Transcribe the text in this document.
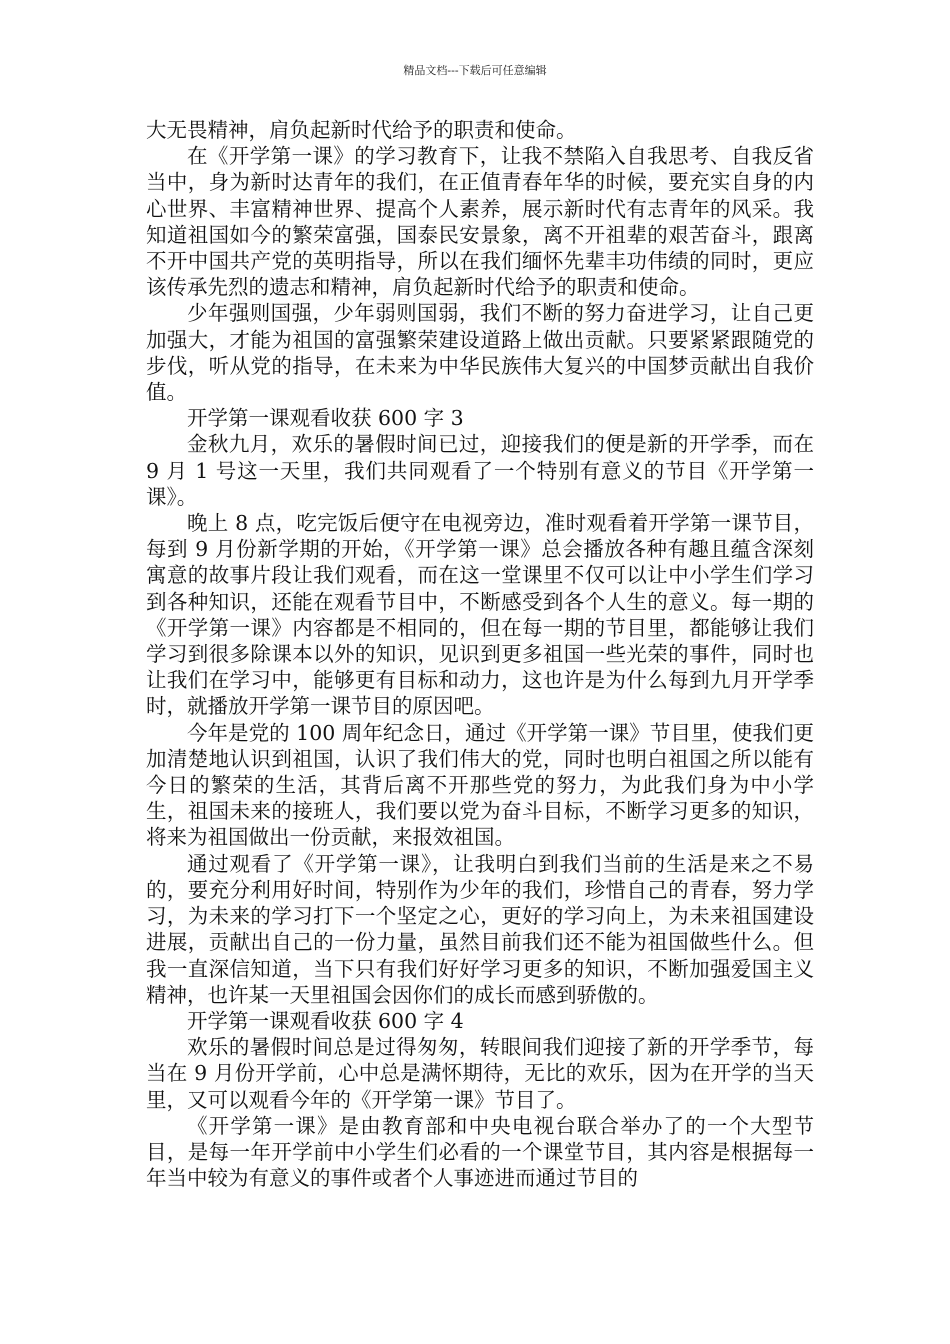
精品文档---下载后可任意编辑

大无畏精神，肩负起新时代给予的职责和使命。

在《开学第一课》的学习教育下，让我不禁陷入自我思考、自我反省当中，身为新时达青年的我们，在正值青春年华的时候，要充实自身的内心世界、丰富精神世界、提高个人素养，展示新时代有志青年的风采。我知道祖国如今的繁荣富强，国泰民安景象，离不开祖辈的艰苦奋斗，跟离不开中国共产党的英明指导，所以在我们缅怀先辈丰功伟绩的同时，更应该传承先烈的遗志和精神，肩负起新时代给予的职责和使命。

少年强则国强，少年弱则国弱，我们不断的努力奋进学习，让自己更加强大，才能为祖国的富强繁荣建设道路上做出贡献。只要紧紧跟随党的步伐，听从党的指导，在未来为中华民族伟大复兴的中国梦贡献出自我价值。

开学第一课观看收获 600 字 3

金秋九月，欢乐的暑假时间已过，迎接我们的便是新的开学季，而在 9 月 1 号这一天里，我们共同观看了一个特别有意义的节目《开学第一课》。

晚上 8 点，吃完饭后便守在电视旁边，准时观看着开学第一课节目，每到 9 月份新学期的开始，《开学第一课》总会播放各种有趣且蕴含深刻寓意的故事片段让我们观看，而在这一堂课里不仅可以让中小学生们学习到各种知识，还能在观看节目中，不断感受到各个人生的意义。每一期的《开学第一课》内容都是不相同的，但在每一期的节目里，都能够让我们学习到很多除课本以外的知识，见识到更多祖国一些光荣的事件，同时也让我们在学习中，能够更有目标和动力，这也许是为什么每到九月开学季时，就播放开学第一课节目的原因吧。

今年是党的 100 周年纪念日，通过《开学第一课》节目里，使我们更加清楚地认识到祖国，认识了我们伟大的党，同时也明白祖国之所以能有今日的繁荣的生活，其背后离不开那些党的努力，为此我们身为中小学生，祖国未来的接班人，我们要以党为奋斗目标，不断学习更多的知识，将来为祖国做出一份贡献，来报效祖国。

通过观看了《开学第一课》，让我明白到我们当前的生活是来之不易的，要充分利用好时间，特别作为少年的我们，珍惜自己的青春，努力学习，为未来的学习打下一个坚定之心，更好的学习向上，为未来祖国建设进展，贡献出自己的一份力量，虽然目前我们还不能为祖国做些什么。但我一直深信知道，当下只有我们好好学习更多的知识，不断加强爱国主义精神，也许某一天里祖国会因你们的成长而感到骄傲的。

开学第一课观看收获 600 字 4

欢乐的暑假时间总是过得匆匆，转眼间我们迎接了新的开学季节，每当在 9 月份开学前，心中总是满怀期待，无比的欢乐，因为在开学的当天里，又可以观看今年的《开学第一课》节目了。

《开学第一课》是由教育部和中央电视台联合举办了的一个大型节目，是每一年开学前中小学生们必看的一个课堂节目，其内容是根据每一年当中较为有意义的事件或者个人事迹进而通过节目的
